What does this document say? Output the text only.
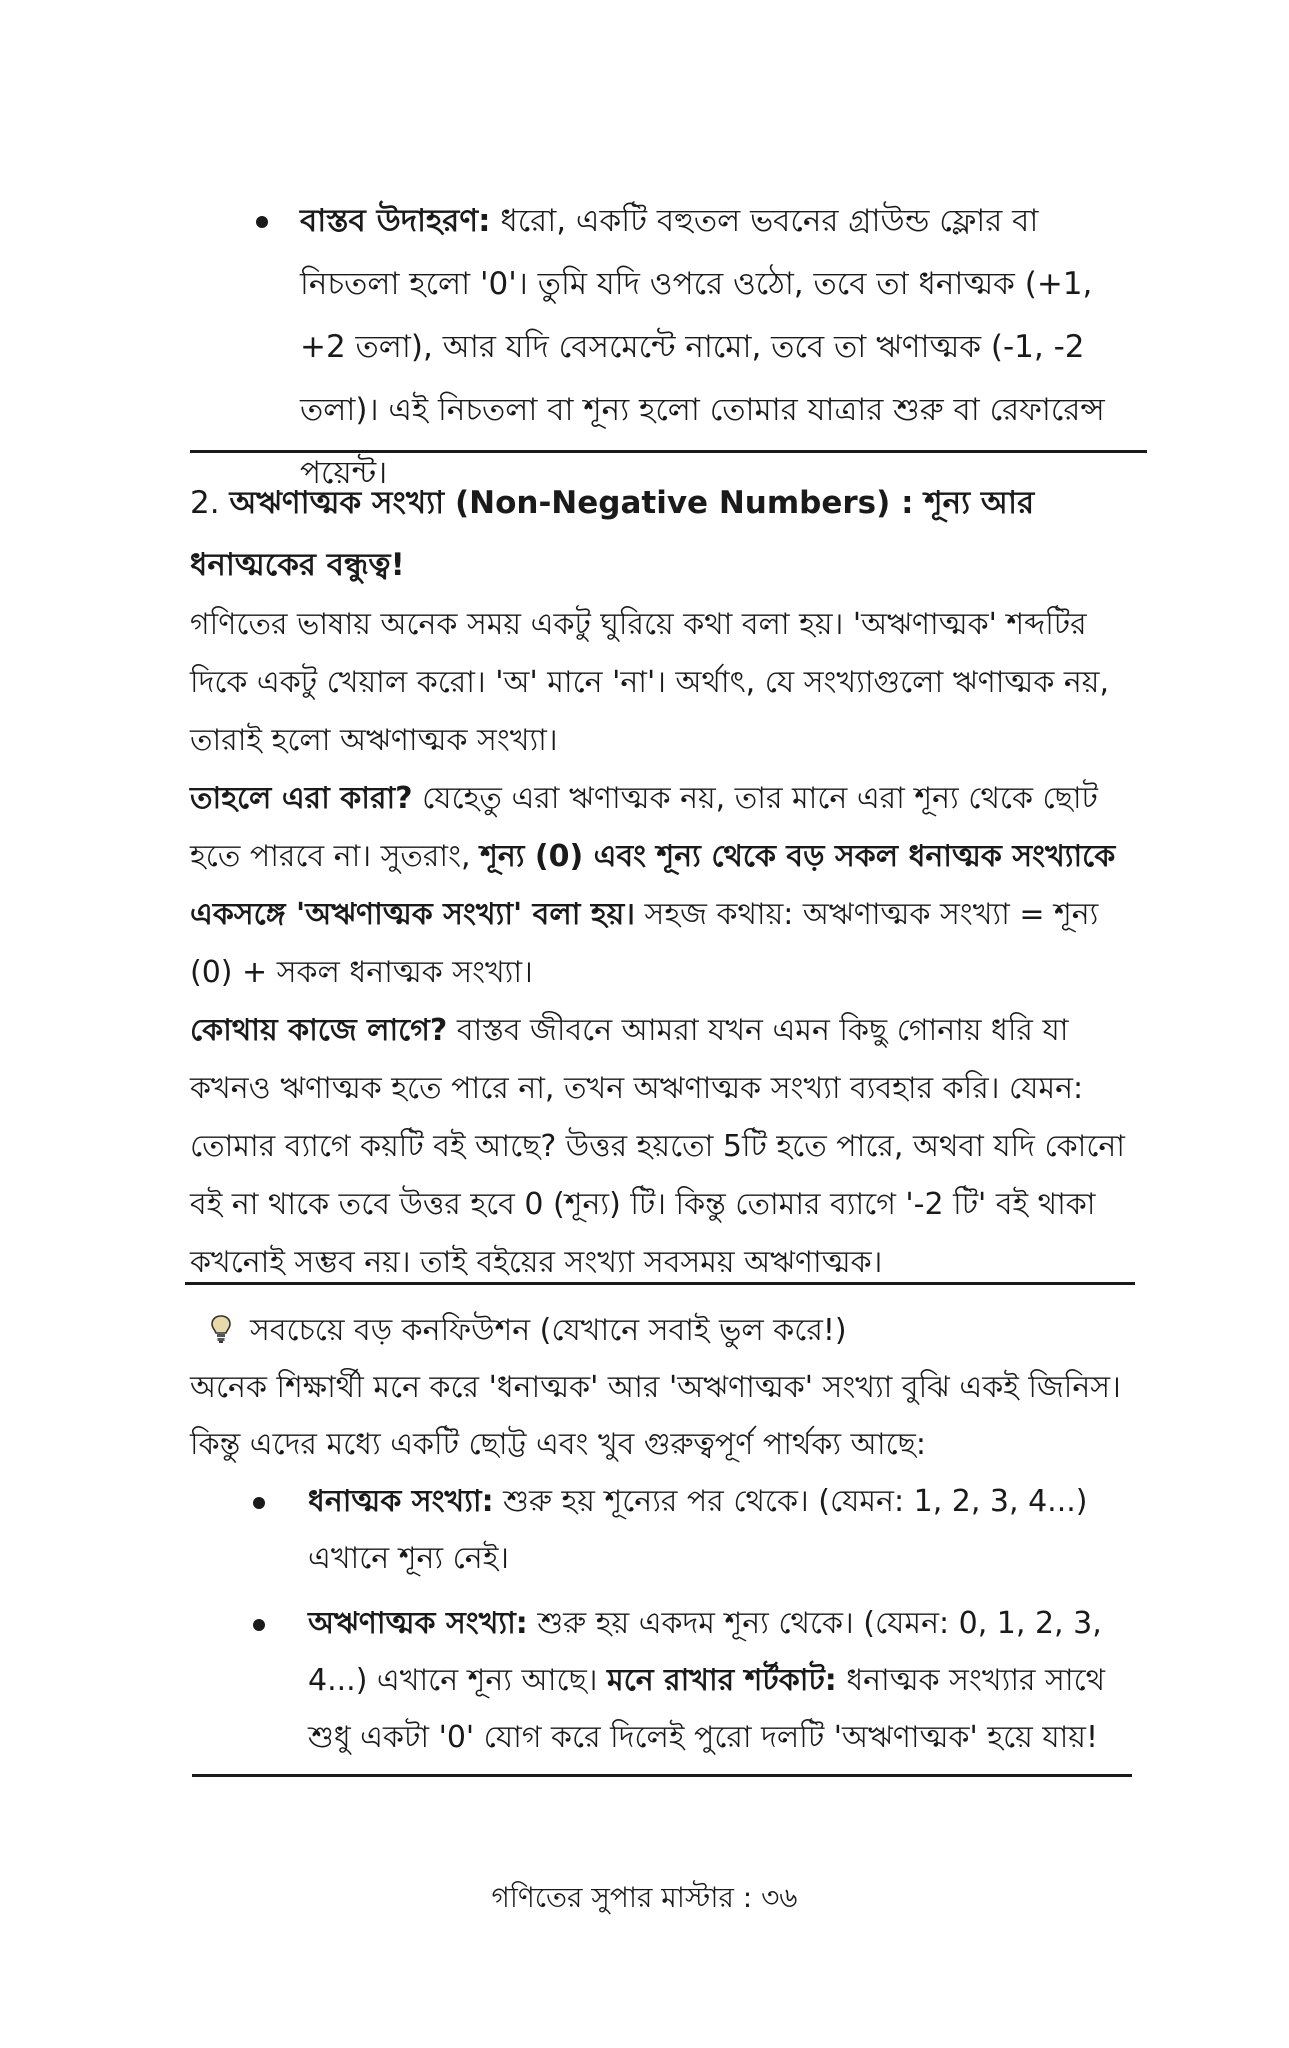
বাস্তব উদাহরণ: ধরো, একটি বহুতল ভবনের গ্রাউন্ড ফ্লোর বা নিচতলা হলো '0'। তুমি যদি ওপরে ওঠো, তবে তা ধনাত্মক (+1, +2 তলা), আর যদি বেসমেন্টে নামো, তবে তা ঋণাত্মক (-1, -2 তলা)। এই নিচতলা বা শূন্য হলো তোমার যাত্রার শুরু বা রেফারেন্স পয়েন্ট।

2. অঋণাত্মক সংখ্যা (Non-Negative Numbers) : শূন্য আর ধনাত্মকের বন্ধুত্ব!

গণিতের ভাষায় অনেক সময় একটু ঘুরিয়ে কথা বলা হয়। 'অঋণাত্মক' শব্দটির দিকে একটু খেয়াল করো। 'অ' মানে 'না'। অর্থাৎ, যে সংখ্যাগুলো ঋণাত্মক নয়, তারাই হলো অঋণাত্মক সংখ্যা।

তাহলে এরা কারা? যেহেতু এরা ঋণাত্মক নয়, তার মানে এরা শূন্য থেকে ছোট হতে পারবে না। সুতরাং, শূন্য (0) এবং শূন্য থেকে বড় সকল ধনাত্মক সংখ্যাকে একসঙ্গে 'অঋণাত্মক সংখ্যা' বলা হয়। সহজ কথায়: অঋণাত্মক সংখ্যা = শূন্য (0) + সকল ধনাত্মক সংখ্যা।

কোথায় কাজে লাগে? বাস্তব জীবনে আমরা যখন এমন কিছু গোনায় ধরি যা কখনও ঋণাত্মক হতে পারে না, তখন অঋণাত্মক সংখ্যা ব্যবহার করি। যেমন: তোমার ব্যাগে কয়টি বই আছে? উত্তর হয়তো 5টি হতে পারে, অথবা যদি কোনো বই না থাকে তবে উত্তর হবে 0 (শূন্য) টি। কিন্তু তোমার ব্যাগে '-2 টি' বই থাকা কখনোই সম্ভব নয়। তাই বইয়ের সংখ্যা সবসময় অঋণাত্মক।

সবচেয়ে বড় কনফিউশন (যেখানে সবাই ভুল করে!)

অনেক শিক্ষার্থী মনে করে 'ধনাত্মক' আর 'অঋণাত্মক' সংখ্যা বুঝি একই জিনিস। কিন্তু এদের মধ্যে একটি ছোট্ট এবং খুব গুরুত্বপূর্ণ পার্থক্য আছে:

ধনাত্মক সংখ্যা: শুরু হয় শূন্যের পর থেকে। (যেমন: 1, 2, 3, 4...) এখানে শূন্য নেই।
অঋণাত্মক সংখ্যা: শুরু হয় একদম শূন্য থেকে। (যেমন: 0, 1, 2, 3, 4...) এখানে শূন্য আছে। মনে রাখার শর্টকাট: ধনাত্মক সংখ্যার সাথে শুধু একটা '0' যোগ করে দিলেই পুরো দলটি 'অঋণাত্মক' হয়ে যায়!
গণিতের সুপার মাস্টার : ৩৬
